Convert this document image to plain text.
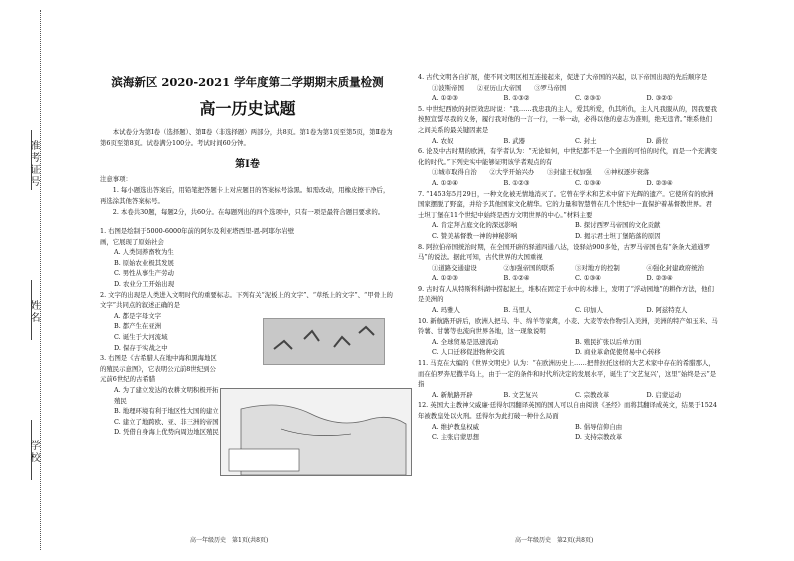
准考证号
姓名
学校
滨海新区 2020-2021 学年度第二学期期末质量检测
高一历史试题

本试卷分为第Ⅰ卷（选择题）、第Ⅱ卷（非选择题）两部分，共8页。第1卷为第1页至第5页，第Ⅱ卷为第6页至第8页。试卷满分100分。考试时间60分钟。

第Ⅰ卷

注意事项：

1. 每小题选出答案后，用铅笔把答题卡上对应题目的答案标号涂黑。如需改动，用橡皮擦干净后，再选涂其他答案标号。

2. 本卷共30题，每题2分，共60分。在每题列出的四个选项中，只有一项是最符合题目要求的。

1. 右图是绘制于5000-6000年前的阿尔及利亚塔西里-恩-阿耶尔岩壁画，它展现了原始社会

A. 人类饲养畜牧为生

B. 原始农业极其发展

C. 男性从事生产劳动

D. 农业分工开始出现

2. 文字的出现是人类进入文明时代的重要标志。下列有关“泥板上的文字”、“草纸上的文字”、“甲骨上的文字”共同点的叙述正确的是

A. 都是字母文字

B. 都产生在亚洲

C. 诞生于大河流域

D. 保存于实战之中

3. 右图是《古希腊人在地中海和黑海地区的殖民示意图》，它表明公元前8世纪到公元前6世纪的古希腊

A. 为了建立发达的农耕文明积极开拓殖民

B. 地理环境有利于地区性大国的建立

C. 建立了地跨欧、亚、非三洲的帝国

D. 凭借自身海上优势向周边地区殖民

4. 古代文明各自扩展，使不同文明区相互连接起来，促进了大帝国的兴起，以下帝国出现的先后顺序是

①波斯帝国　　②亚历山大帝国　　③罗马帝国

A. ①②③	B. ①③②	C. ②③①	D. ③②①

5. 中世纪西欧的封臣效忠时说：“我……我忠我的主人，爱其所爱，仇其所仇，主人凡我服从的，因我要我按照宣誓尽我的义务，履行我对他的一言一行，一举一动，必得以他的意志为准则，绝无违背。”维系他们之间关系的最关键因素是

A. 农奴	B. 武器	C. 封土	D. 爵位

6. 论及中古时期的欧洲，有学者认为：“无论如何，中世纪都不是一个全面的可怕的时代，而是一个充满变化的时代。”下列史实中能够证明该学者观点的有

①城市取得自治　　②大学开始兴办　　③封建王权加强　　④神权逐步衰落

A. ①②④	B. ①②③	C. ①③④	D. ②③④

7. “1453年5月29日，一种文化被无情地消灭了。它曾在学术和艺术中留下光辉的遗产。它使所有的欧洲国家摆脱了野蛮，并给予其他国家文化精华。它的力量和智慧曾在几个世纪中一直保护着基督教世界。君士坦丁堡在11个世纪中始终是西方文明世界的中心。”材料主要

A. 肯定拜占庭文化的深远影响	B. 探讨西罗马帝国的文化贡献
C. 赞美基督教一神的神秘影响	D. 揭示君士坦丁堡陷落的原因

8. 阿拉伯帝国统治时期，在全国开辟的驿道四通八达，设驿站900多处，古罗马帝国也有“条条大道通罗马”的说法。据此可知，古代世界的大国重视

①道路交通建设	②加强帝国的联系	③对地方的控制	④强化封建政府统治
A. ①②③	B. ①②④	C. ①③④	D. ②③④

9. 古时有人从特斯科科湖中捞起泥土，堆积在固定于水中的木排上，发明了“浮动园地”的耕作方法，他们是美洲的

A. 玛雅人	B. 马里人	C. 印加人	D. 阿兹特克人

10. 新航路开辟后，欧洲人把马、牛、绵羊等家禽，小麦、大麦等农作物引入美洲，美洲的特产如玉米、马铃薯、甘薯等也流向世界各地，这一现象说明

A. 全球贸易是迅速流动	B. 殖民扩张以后单方面
C. 人口迁移促进物种交流	D. 商业革命促使贸易中心转移

11. 马克在大编的《世界文明史》认为：“在欧洲历史上……把普拉托这样的大艺术家中存在的希腊那人，而在伯罗奔尼撒半岛上，由于一定的条件和时代所决定的发展水平，诞生了‘文艺复兴’，这里“始终是云”是指

A. 新航路开辟	B. 文艺复兴	C. 宗教改革	D. 启蒙运动

12. 英国大主教神父威廉·廷得尔因翻译英国的国人可以自由阅读《圣经》而将其翻译成英文，结果于1524年被教皇处以火刑。廷得尔为此打破一种什么局面

A. 维护教皇权威	B. 倡导信仰自由
C. 主张启蒙思想	D. 支持宗教改革
高一年级历史　第1页(共8页)	高一年级历史　第2页(共8页)
